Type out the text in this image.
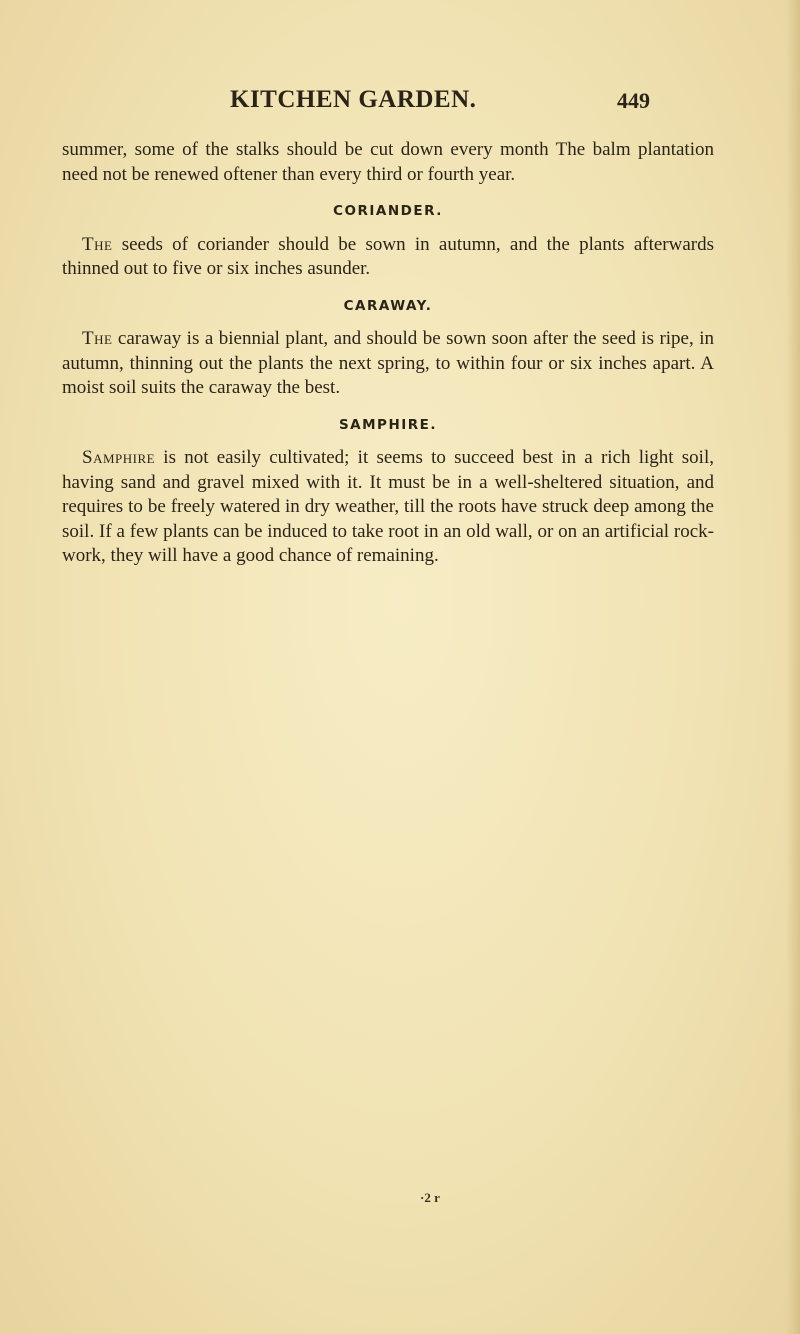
KITCHEN GARDEN.	449

summer, some of the stalks should be cut down every month The balm plantation need not be renewed oftener than every third or fourth year.

CORIANDER.

The seeds of coriander should be sown in autumn, and the plants afterwards thinned out to five or six inches asunder.

CARAWAY.

The caraway is a biennial plant, and should be sown soon after the seed is ripe, in autumn, thinning out the plants the next spring, to within four or six inches apart. A moist soil suits the caraway the best.

SAMPHIRE.

Samphire is not easily cultivated; it seems to succeed best in a rich light soil, having sand and gravel mixed with it. It must be in a well-sheltered situation, and requires to be freely watered in dry weather, till the roots have struck deep among the soil. If a few plants can be induced to take root in an old wall, or on an artificial rock-work, they will have a good chance of remaining.

·2 r
